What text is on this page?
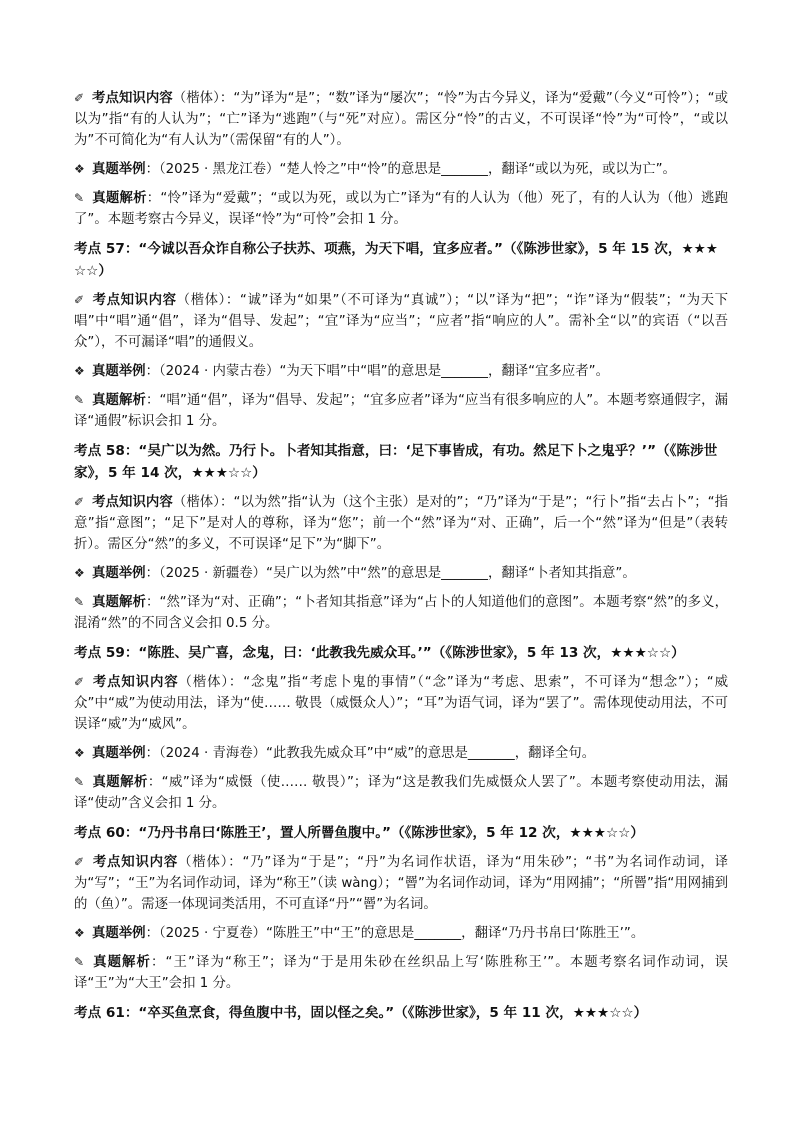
✐ 考点知识内容（楷体）：“为”译为“是”；“数”译为“屡次”；“怜”为古今异义，译为“爱戴”（今义“可怜”）；“或以为”指“有的人认为”；“亡”译为“逃跑”（与“死”对应）。需区分“怜”的古义，不可误译“怜”为“可怜”，“或以为”不可简化为“有人认为”（需保留“有的人”）。

❖ 真题举例：（2025 · 黑龙江卷）“楚人怜之”中“怜”的意思是_______，翻译“或以为死，或以为亡”。

✎ 真题解析：“怜”译为“爱戴”；“或以为死，或以为亡”译为“有的人认为（他）死了，有的人认为（他）逃跑了”。本题考察古今异义，误译“怜”为“可怜”会扣 1 分。

考点 57：“今诚以吾众诈自称公子扶苏、项燕，为天下唱，宜多应者。”（《陈涉世家》，5 年 15 次，★★★☆☆）

✐ 考点知识内容（楷体）：“诚”译为“如果”（不可译为“真诚”）；“以”译为“把”；“诈”译为“假装”；“为天下唱”中“唱”通“倡”，译为“倡导、发起”；“宜”译为“应当”；“应者”指“响应的人”。需补全“以”的宾语（“以吾众”），不可漏译“唱”的通假义。

❖ 真题举例：（2024 · 内蒙古卷）“为天下唱”中“唱”的意思是_______，翻译“宜多应者”。

✎ 真题解析：“唱”通“倡”，译为“倡导、发起”；“宜多应者”译为“应当有很多响应的人”。本题考察通假字，漏译“通假”标识会扣 1 分。

考点 58：“吴广以为然。乃行卜。卜者知其指意，曰：‘足下事皆成，有功。然足下卜之鬼乎？’”（《陈涉世家》，5 年 14 次，★★★☆☆）

✐ 考点知识内容（楷体）：“以为然”指“认为（这个主张）是对的”；“乃”译为“于是”；“行卜”指“去占卜”；“指意”指“意图”；“足下”是对人的尊称，译为“您”；前一个“然”译为“对、正确”，后一个“然”译为“但是”（表转折）。需区分“然”的多义，不可误译“足下”为“脚下”。

❖ 真题举例：（2025 · 新疆卷）“吴广以为然”中“然”的意思是_______，翻译“卜者知其指意”。

✎ 真题解析：“然”译为“对、正确”；“卜者知其指意”译为“占卜的人知道他们的意图”。本题考察“然”的多义，混淆“然”的不同含义会扣 0.5 分。

考点 59：“陈胜、吴广喜，念鬼，曰：‘此教我先威众耳。’”（《陈涉世家》，5 年 13 次，★★★☆☆）

✐ 考点知识内容（楷体）：“念鬼”指“考虑卜鬼的事情”（“念”译为“考虑、思索”，不可译为“想念”）；“威众”中“威”为使动用法，译为“使…… 敬畏（威慑众人）”；“耳”为语气词，译为“罢了”。需体现使动用法，不可误译“威”为“威风”。

❖ 真题举例：（2024 · 青海卷）“此教我先威众耳”中“威”的意思是_______，翻译全句。

✎ 真题解析：“威”译为“威慑（使…… 敬畏）”；译为“这是教我们先威慑众人罢了”。本题考察使动用法，漏译“使动”含义会扣 1 分。

考点 60：“乃丹书帛曰‘陈胜王’，置人所罾鱼腹中。”（《陈涉世家》，5 年 12 次，★★★☆☆）

✐ 考点知识内容（楷体）：“乃”译为“于是”；“丹”为名词作状语，译为“用朱砂”；“书”为名词作动词，译为“写”；“王”为名词作动词，译为“称王”（读 wàng）；“罾”为名词作动词，译为“用网捕”；“所罾”指“用网捕到的（鱼）”。需逐一体现词类活用，不可直译“丹”“罾”为名词。

❖ 真题举例：（2025 · 宁夏卷）“陈胜王”中“王”的意思是_______，翻译“乃丹书帛曰‘陈胜王’”。

✎ 真题解析：“王”译为“称王”；译为“于是用朱砂在丝织品上写‘陈胜称王’”。本题考察名词作动词，误译“王”为“大王”会扣 1 分。

考点 61：“卒买鱼烹食，得鱼腹中书，固以怪之矣。”（《陈涉世家》，5 年 11 次，★★★☆☆）
